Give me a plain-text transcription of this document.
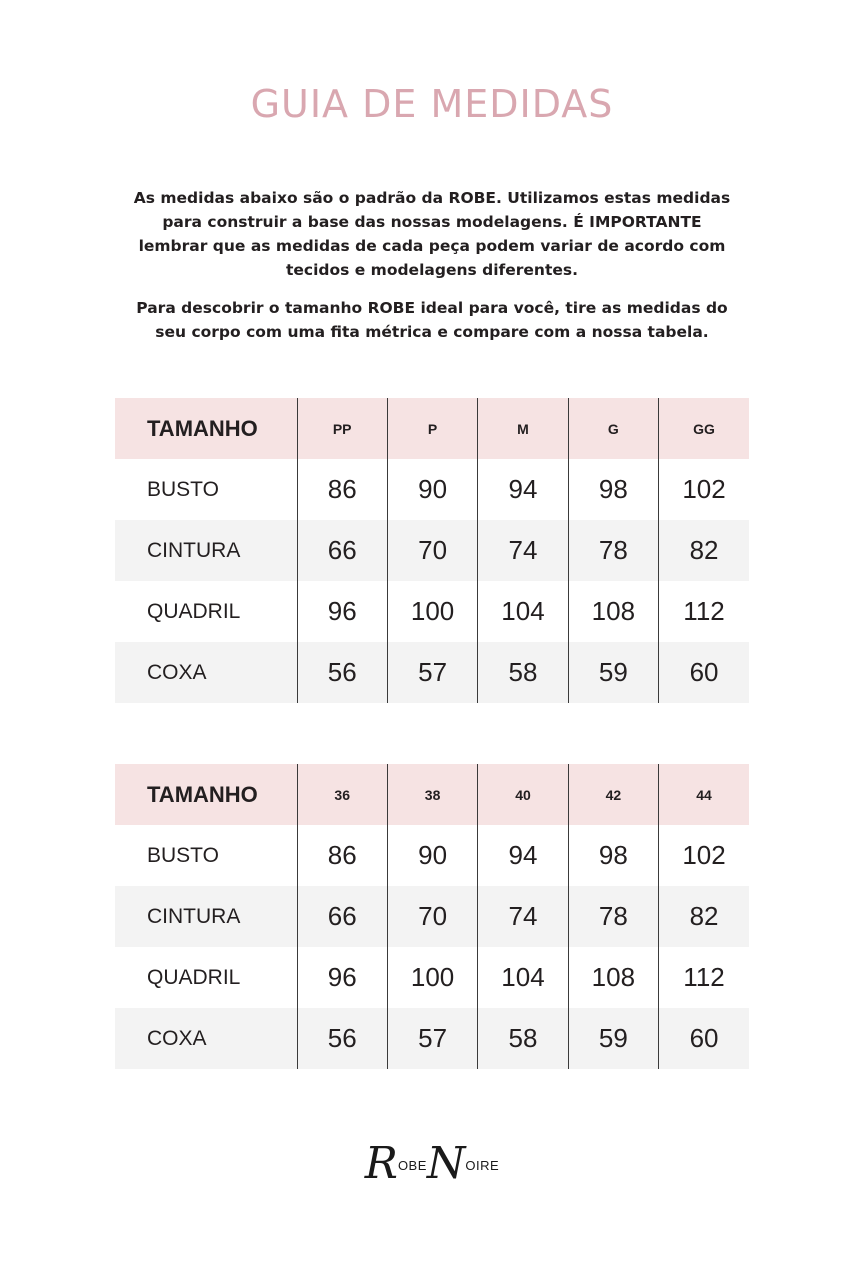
GUIA DE MEDIDAS

As medidas abaixo são o padrão da ROBE. Utilizamos estas medidas
para construir a base das nossas modelagens. É IMPORTANTE
lembrar que as medidas de cada peça podem variar de acordo com
tecidos e modelagens diferentes.

Para descobrir o tamanho ROBE ideal para você, tire as medidas do
seu corpo com uma fita métrica e compare com a nossa tabela.

TAMANHO	PP	P	M	G	GG
BUSTO	86	90	94	98	102
CINTURA	66	70	74	78	82
QUADRIL	96	100	104	108	112
COXA	56	57	58	59	60
TAMANHO	36	38	40	42	44
BUSTO	86	90	94	98	102
CINTURA	66	70	74	78	82
QUADRIL	96	100	104	108	112
COXA	56	57	58	59	60
$R^{OBE}N^{OIRE}$
